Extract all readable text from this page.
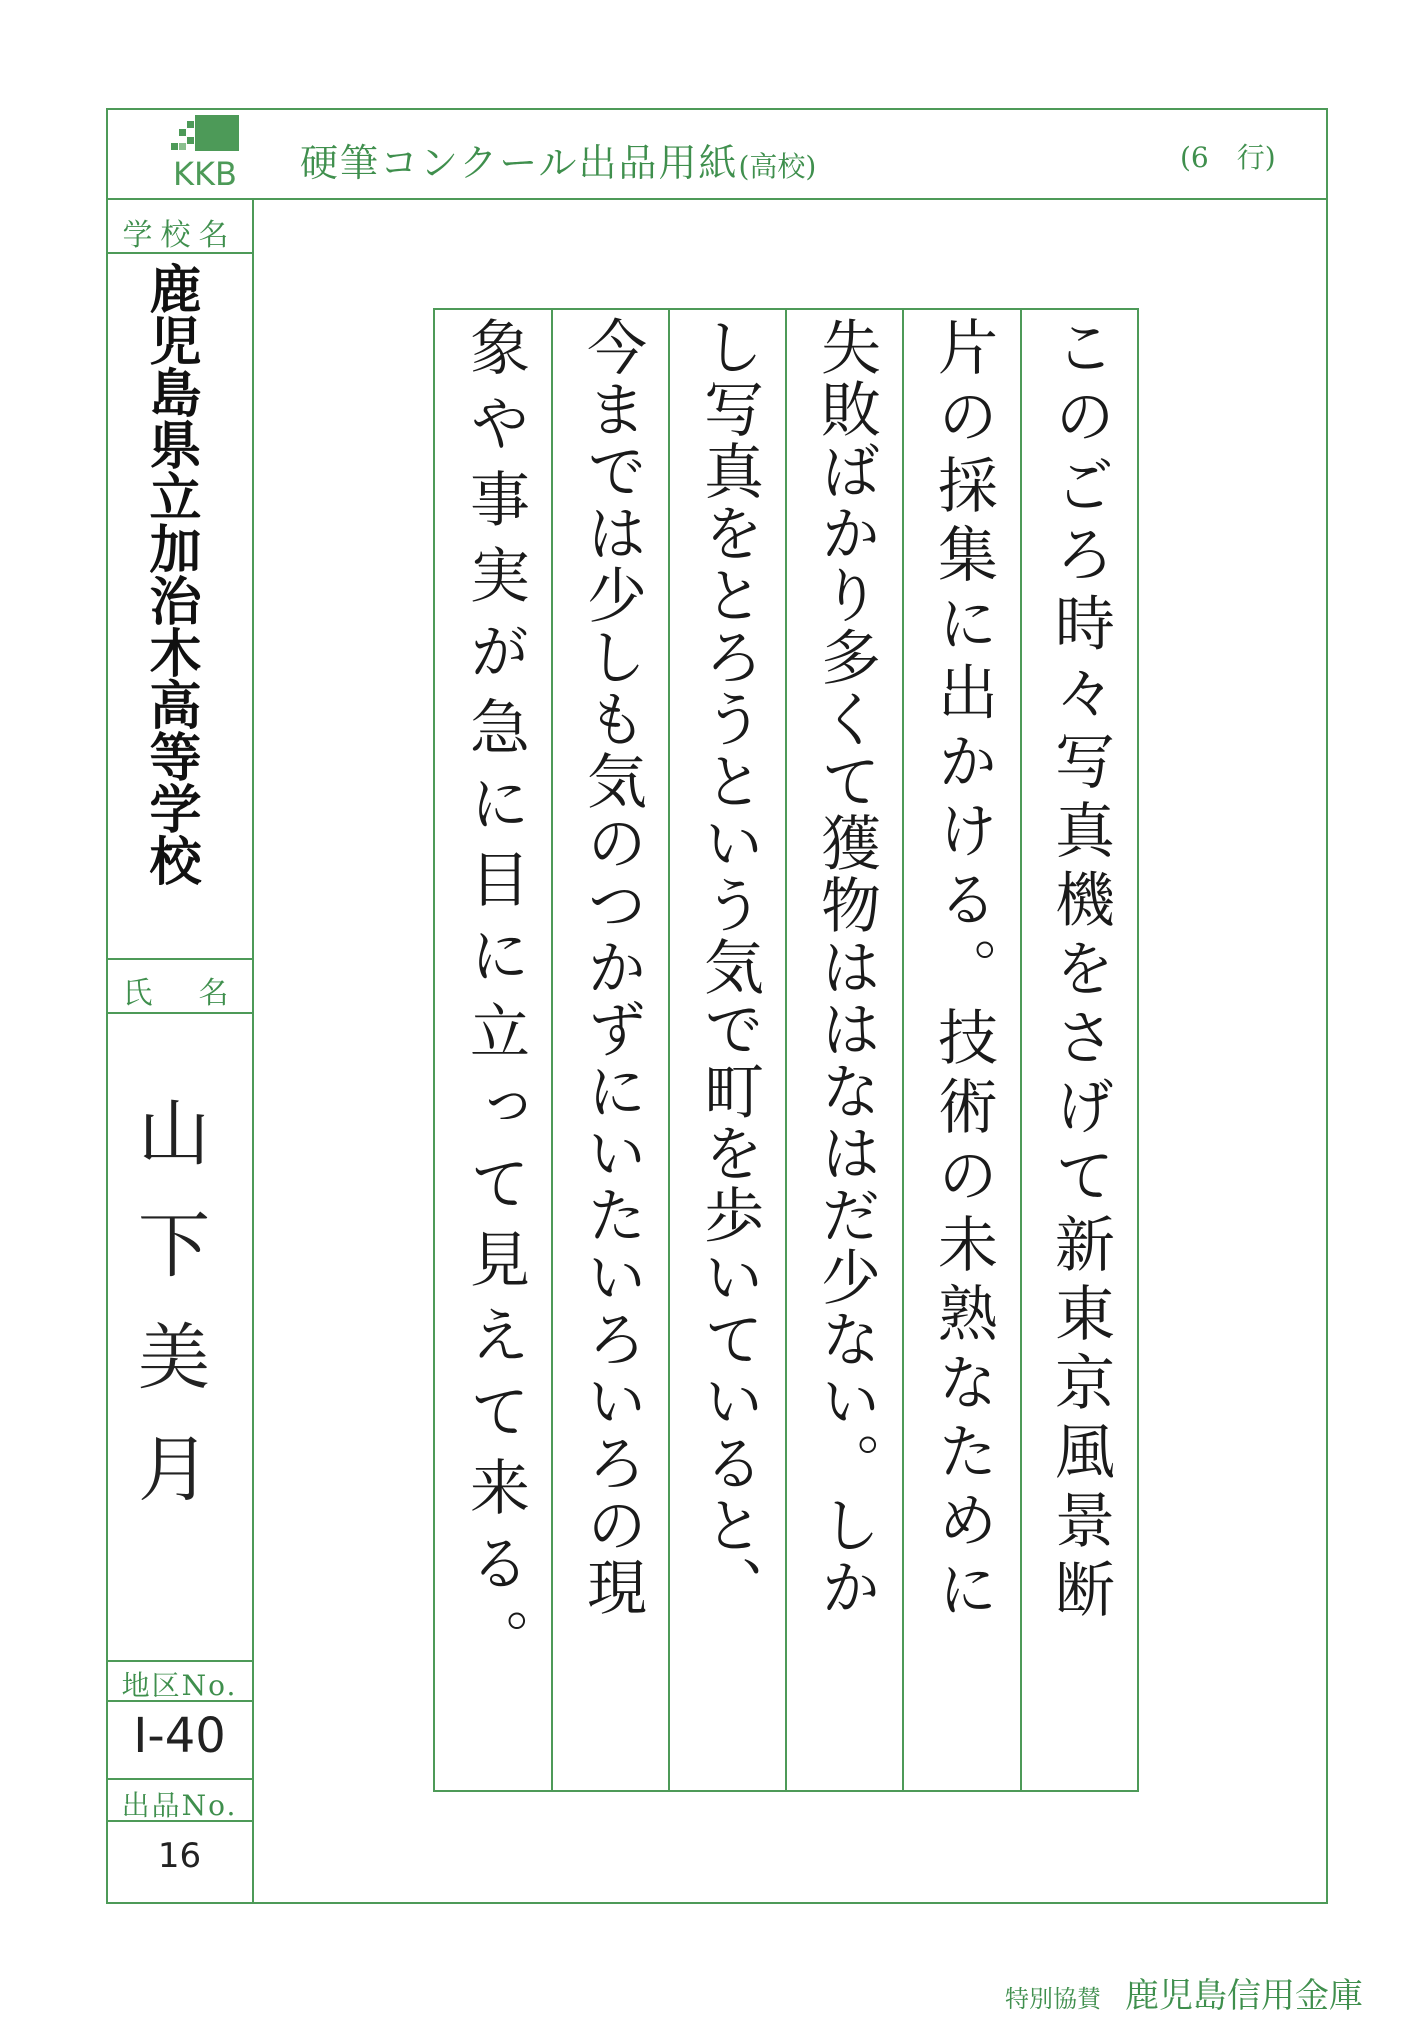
KKB 硬筆コンクール出品用紙(高校)	(6　行)
学校名
鹿児島県立加治木高等学校
氏　名
山下美月
地区No.
I-40
出品No.
16
このごろ時々写真機をさげて新東京風景断
片の採集に出かける。技術の未熟なために
失敗ばかり多くて獲物ははなはだ少ない。しか
し写真をとろうという気で町を歩いていると、
今までは少しも気のつかずにいたいろいろの現
象や事実が急に目に立って見えて来る。
特別協賛 鹿児島信用金庫
